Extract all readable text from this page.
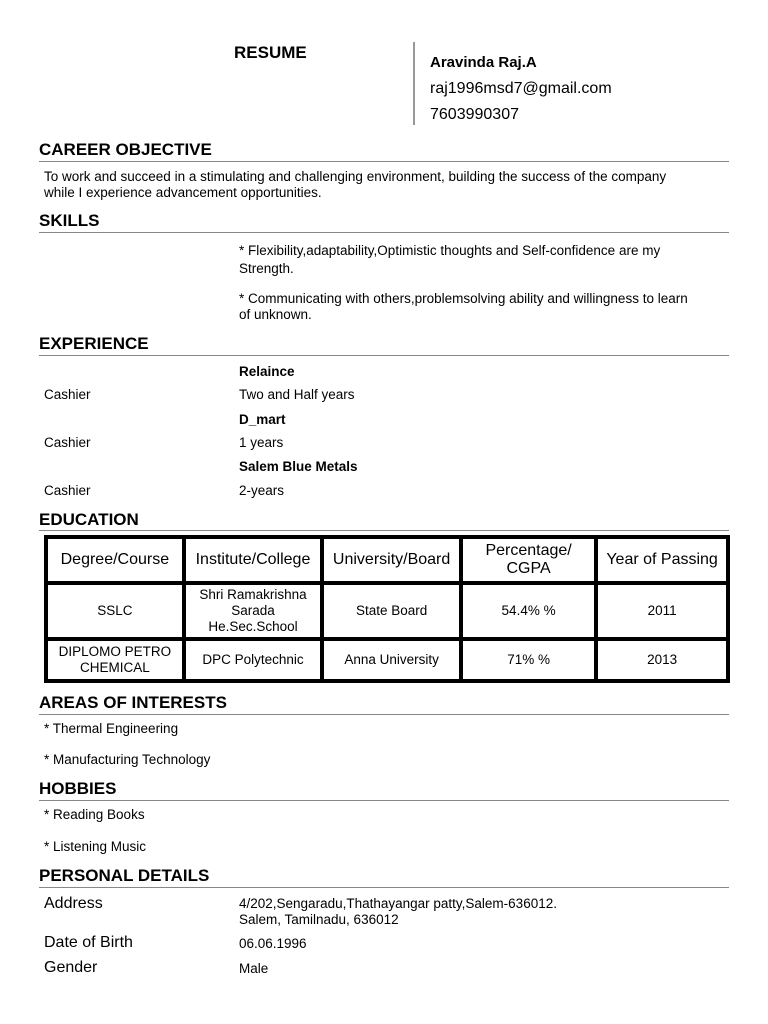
RESUME
Aravinda Raj.A
raj1996msd7@gmail.com
7603990307
CAREER OBJECTIVE
To work and succeed in a stimulating and challenging environment, building the success of the company
while I experience advancement opportunities.
SKILLS
* Flexibility,adaptability,Optimistic thoughts and Self-confidence are my
Strength.
* Communicating with others,problemsolving ability and willingness to learn
of unknown.
EXPERIENCE
Relaince
Cashier	Two and Half years
D_mart
Cashier	1 years
Salem Blue Metals
Cashier	2-years
EDUCATION
Degree/Course	Institute/College	University/Board	Percentage/ CGPA	Year of Passing
SSLC	Shri Ramakrishna Sarada He.Sec.School	State Board	54.4% %	2011
DIPLOMO PETRO CHEMICAL	DPC Polytechnic	Anna University	71% %	2013
AREAS OF INTERESTS
* Thermal Engineering
* Manufacturing Technology
HOBBIES
* Reading Books
* Listening Music
PERSONAL DETAILS
Address	4/202,Sengaradu,Thathayangar patty,Salem-636012.
Salem, Tamilnadu, 636012
Date of Birth	06.06.1996
Gender	Male
